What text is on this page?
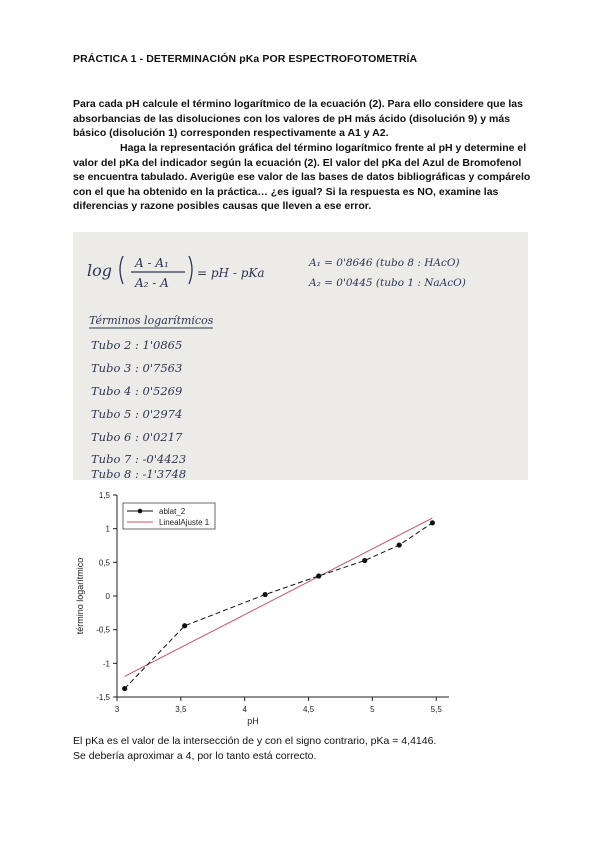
PRÁCTICA 1 - DETERMINACIÓN pKa POR ESPECTROFOTOMETRÍA
Para cada pH calcule el término logarítmico de la ecuación (2). Para ello considere que las absorbancias de las disoluciones con los valores de pH más ácido (disolución 9) y más básico (disolución 1) corresponden respectivamente a A1 y A2.
Haga la representación gráfica del término logarítmico frente al pH y determine el valor del pKa del indicador según la ecuación (2). El valor del pKa del Azul de Bromofenol se encuentra tabulado. Averigüe ese valor de las bases de datos bibliográficas y compárelo con el que ha obtenido en la práctica… ¿es igual? Si la respuesta es NO, examine las diferencias y razone posibles causas que lleven a ese error.
log A - A₁
A₂ - A
= pH - pKa
A₁ = 0'8646 (tubo 8 : HAcO)
A₂ = 0'0445 (tubo 1 : NaAcO)
Términos logarítmicos
Tubo 2 : 1'0865
Tubo 3 : 0'7563
Tubo 4 : 0'5269
Tubo 5 : 0'2974
Tubo 6 : 0'0217
Tubo 7 : -0'4423
Tubo 8 : -1'3748
3	3,5	4	4,5	5	5,5
1,5
1
0,5
0
-0,5
-1
-1,5
pH
término logarítmico
ablat_2
LinealAjuste 1
El pKa es el valor de la intersección de y con el signo contrario, pKa = 4,4146.
Se debería aproximar a 4, por lo tanto está correcto.
